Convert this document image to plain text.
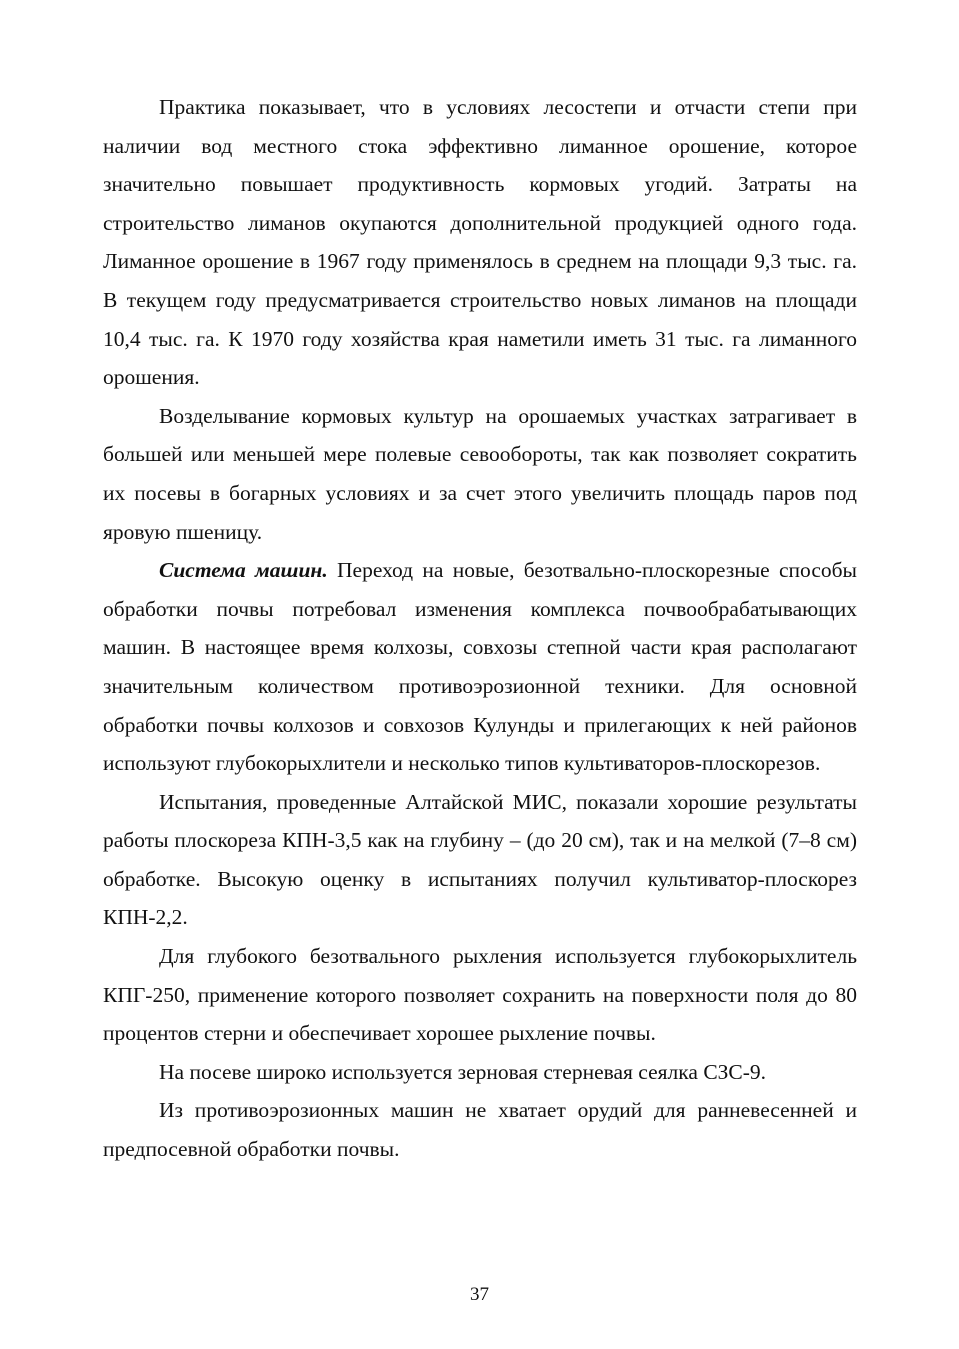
Практика показывает, что в условиях лесостепи и отчасти степи при наличии вод местного стока эффективно лиманное орошение, которое значительно повышает продуктивность кормовых угодий. Затраты на строительство лиманов окупаются дополнительной продукцией одного года. Лиманное орошение в 1967 году применялось в среднем на площади 9,3 тыс. га. В текущем году предусматривается строительство новых лиманов на площади 10,4 тыс. га. К 1970 году хозяйства края наметили иметь 31 тыс. га лиманного орошения.

Возделывание кормовых культур на орошаемых участках затрагивает в большей или меньшей мере полевые севообороты, так как позволяет сократить их посевы в богарных условиях и за счет этого увеличить площадь паров под яровую пшеницу.

Система машин. Переход на новые, безотвально-плоскорезные способы обработки почвы потребовал изменения комплекса почвообрабатывающих машин. В настоящее время колхозы, совхозы степной части края располагают значительным количеством противоэрозионной техники. Для основной обработки почвы колхозов и совхозов Кулунды и прилегающих к ней районов используют глубокорыхлители и несколько типов культиваторов-плоскорезов.

Испытания, проведенные Алтайской МИС, показали хорошие результаты работы плоскореза КПН-3,5 как на глубину – (до 20 см), так и на мелкой (7–8 см) обработке. Высокую оценку в испытаниях получил культиватор-плоскорез КПН-2,2.

Для глубокого безотвального рыхления используется глубокорыхлитель КПГ-250, применение которого позволяет сохранить на поверхности поля до 80 процентов стерни и обеспечивает хорошее рыхление почвы.

На посеве широко используется зерновая стерневая сеялка СЗС-9.

Из противоэрозионных машин не хватает орудий для ранневесенней и предпосевной обработки почвы.

37
